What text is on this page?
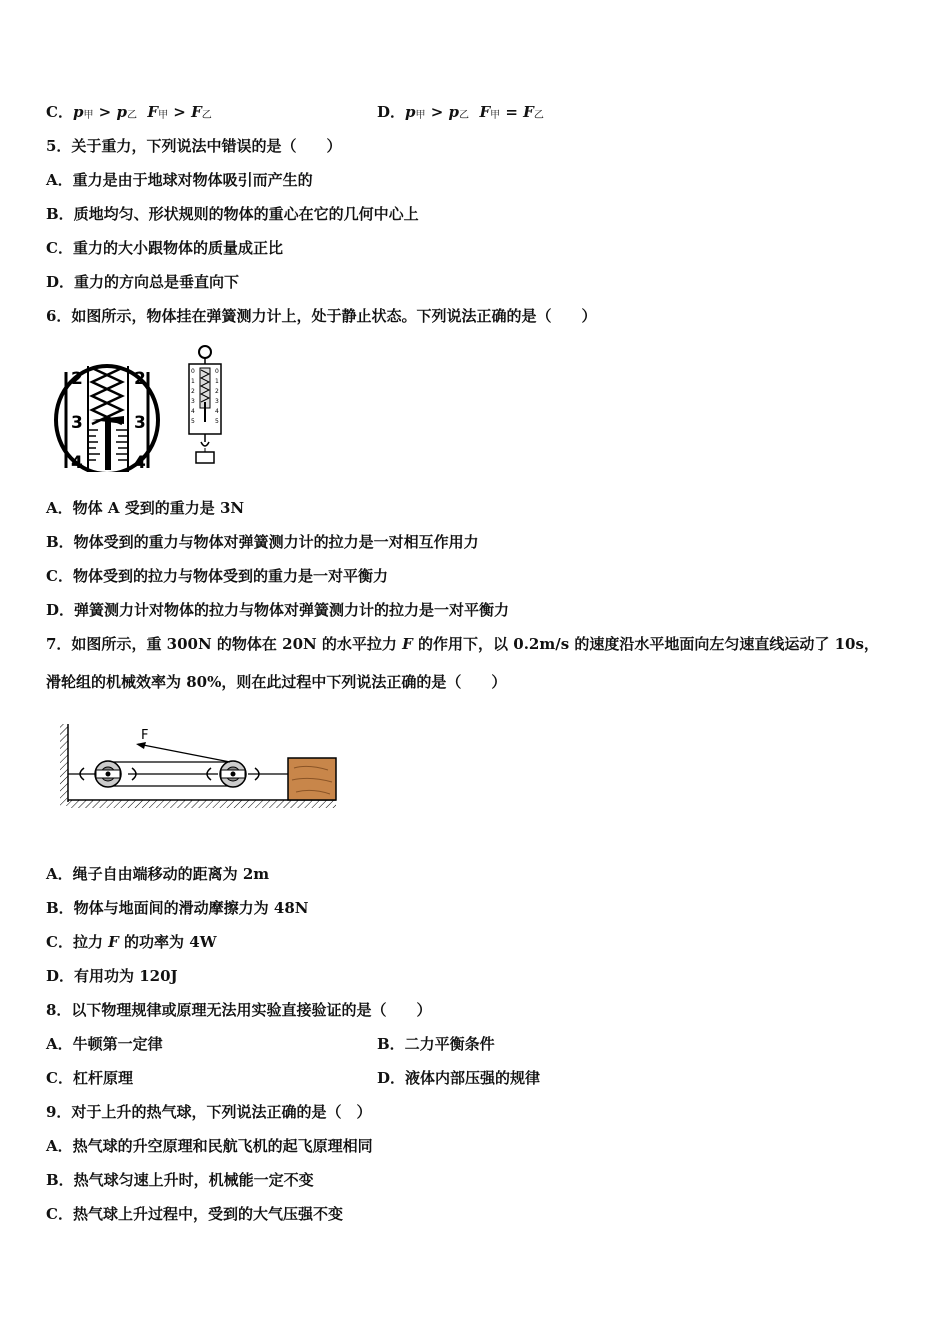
C．p甲 > p乙 F甲 > F乙	D．p甲 > p乙 F甲 = F乙
5．关于重力，下列说法中错误的是（　　）
A．重力是由于地球对物体吸引而产生的
B．质地均匀、形状规则的物体的重心在它的几何中心上
C．重力的大小跟物体的质量成正比
D．重力的方向总是垂直向下
6．如图所示，物体挂在弹簧测力计上，处于静止状态。下列说法正确的是（　　）
2	2
3	3
4	4
0
1
2
3
4
5
0
1
2
3
4
5
A．物体 A 受到的重力是 3N
B．物体受到的重力与物体对弹簧测力计的拉力是一对相互作用力
C．物体受到的拉力与物体受到的重力是一对平衡力
D．弹簧测力计对物体的拉力与物体对弹簧测力计的拉力是一对平衡力
7．如图所示，重 300N 的物体在 20N 的水平拉力 F 的作用下，以 0.2m/s 的速度沿水平地面向左匀速直线运动了 10s，
滑轮组的机械效率为 80%，则在此过程中下列说法正确的是（　　）
F
A．绳子自由端移动的距离为 2m
B．物体与地面间的滑动摩擦力为 48N
C．拉力 F 的功率为 4W
D．有用功为 120J
8．以下物理规律或原理无法用实验直接验证的是（　　）
A．牛顿第一定律	B．二力平衡条件
C．杠杆原理	D．液体内部压强的规律
9．对于上升的热气球，下列说法正确的是（　）
A．热气球的升空原理和民航飞机的起飞原理相同
B．热气球匀速上升时，机械能一定不变
C．热气球上升过程中，受到的大气压强不变
